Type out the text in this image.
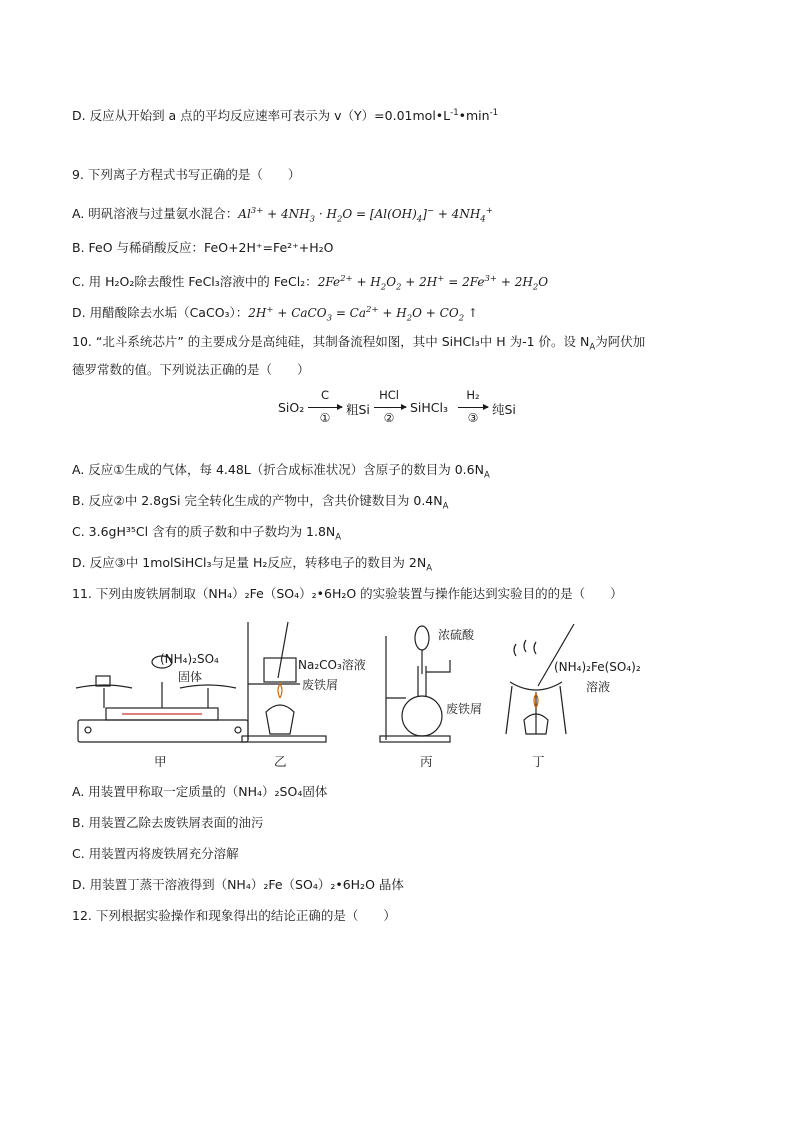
D. 反应从开始到 a 点的平均反应速率可表示为 $v(Y)=0.01mol•L^{-1}•\min^{-1}$
9. 下列离子方程式书写正确的是（　　）
A. 明矾溶液与过量氨水混合：$Al^{3+} + 4NH_3 \cdot H_2O = [Al(OH)_4]^- + 4NH_4^+$
B. FeO 与稀硝酸反应：FeO+2H⁺=Fe²⁺+H₂O
C. 用 H₂O₂除去酸性 FeCl₃溶液中的 FeCl₂：$2Fe^{2+} + H_2O_2 + 2H^+ = 2Fe^{3+} + 2H_2O$
D. 用醋酸除去水垢（CaCO₃）：2H+ + CaCO$_3$ = $Ca^{2+} + H_2O + CO_2$ ↑
10. “北斗系统芯片” 的主要成分是高纯硅，其制备流程如图，其中 SiHCl₃中 H 为-1 价。设 $N_A$为阿伏加
德罗常数的值。下列说法正确的是（　　）
SiO₂
C
①
粗Si
HCl
②
SiHCl₃
H₂
③
纯Si
A. 反应①生成的气体，每 4.48L（折合成标准状况）含原子的数目为 $0.6N_A$
B. 反应②中 2.8gSi 完全转化生成的产物中，含共价键数目为 $0.4N_A$
C. 3.6gH³⁵Cl 含有的质子数和中子数均为 $1.8N_A$
D. 反应③中 1molSiHCl₃与足量 H₂反应，转移电子的数目为 $2N_A$
11. 下列由废铁屑制取（NH₄）₂Fe（SO₄）₂•6H₂O 的实验装置与操作能达到实验目的的是（　　）
(NH₄)₂SO₄
固体
Na₂CO₃溶液
废铁屑
浓硫酸
废铁屑
(NH₄)₂Fe(SO₄)₂
溶液
甲	乙	丙	丁
A. 用装置甲称取一定质量的（NH₄）₂SO₄固体
B. 用装置乙除去废铁屑表面的油污
C. 用装置丙将废铁屑充分溶解
D. 用装置丁蒸干溶液得到（NH₄）₂Fe（SO₄）₂•6H₂O 晶体
12. 下列根据实验操作和现象得出的结论正确的是（　　）
